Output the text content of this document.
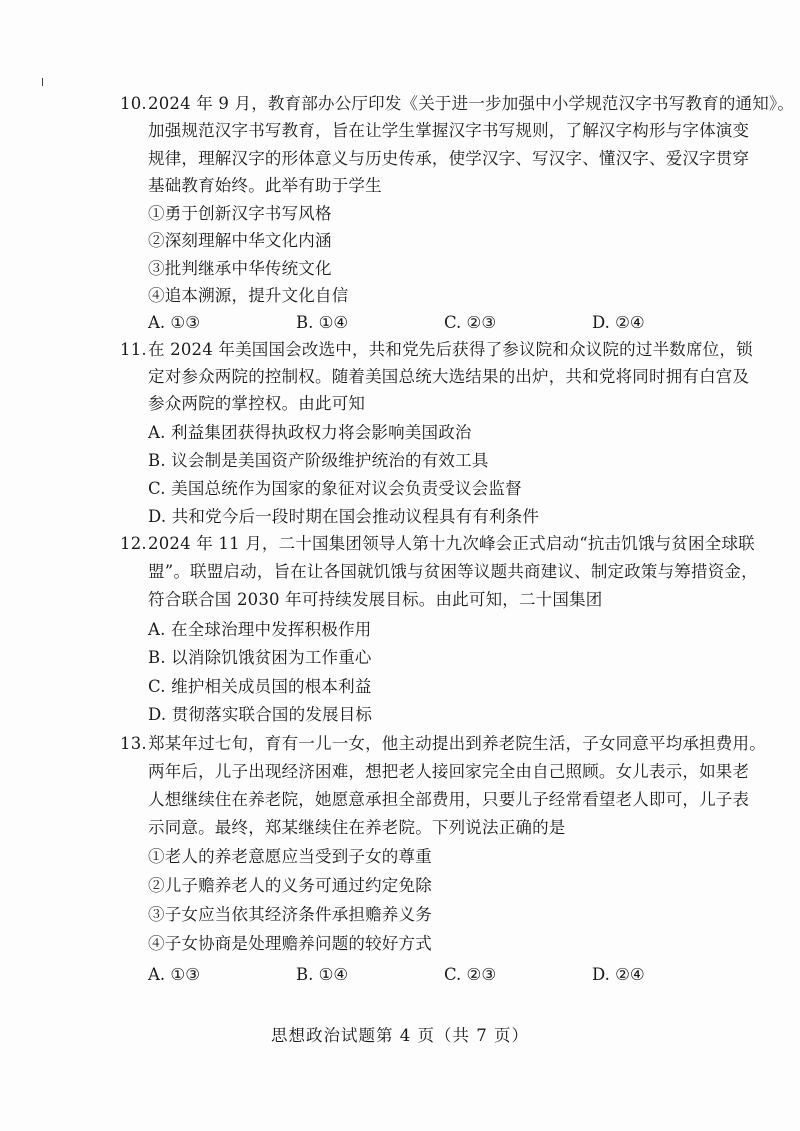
10.2024 年 9 月，教育部办公厅印发《关于进一步加强中小学规范汉字书写教育的通知》。
加强规范汉字书写教育，旨在让学生掌握汉字书写规则，了解汉字构形与字体演变
规律，理解汉字的形体意义与历史传承，使学汉字、写汉字、懂汉字、爱汉字贯穿
基础教育始终。此举有助于学生
①勇于创新汉字书写风格
②深刻理解中华文化内涵
③批判继承中华传统文化
④追本溯源，提升文化自信
A. ①③	B. ①④	C. ②③	D. ②④
11.在 2024 年美国国会改选中，共和党先后获得了参议院和众议院的过半数席位，锁
定对参众两院的控制权。随着美国总统大选结果的出炉，共和党将同时拥有白宫及
参众两院的掌控权。由此可知
A. 利益集团获得执政权力将会影响美国政治
B. 议会制是美国资产阶级维护统治的有效工具
C. 美国总统作为国家的象征对议会负责受议会监督
D. 共和党今后一段时期在国会推动议程具有有利条件
12.2024 年 11 月，二十国集团领导人第十九次峰会正式启动“抗击饥饿与贫困全球联
盟”。联盟启动，旨在让各国就饥饿与贫困等议题共商建议、制定政策与筹措资金，
符合联合国 2030 年可持续发展目标。由此可知，二十国集团
A. 在全球治理中发挥积极作用
B. 以消除饥饿贫困为工作重心
C. 维护相关成员国的根本利益
D. 贯彻落实联合国的发展目标
13.郑某年过七旬，育有一儿一女，他主动提出到养老院生活，子女同意平均承担费用。
两年后，儿子出现经济困难，想把老人接回家完全由自己照顾。女儿表示，如果老
人想继续住在养老院，她愿意承担全部费用，只要儿子经常看望老人即可，儿子表
示同意。最终，郑某继续住在养老院。下列说法正确的是
①老人的养老意愿应当受到子女的尊重
②儿子赡养老人的义务可通过约定免除
③子女应当依其经济条件承担赡养义务
④子女协商是处理赡养问题的较好方式
A. ①③	B. ①④	C. ②③	D. ②④
思想政治试题第 4 页（共 7 页）
